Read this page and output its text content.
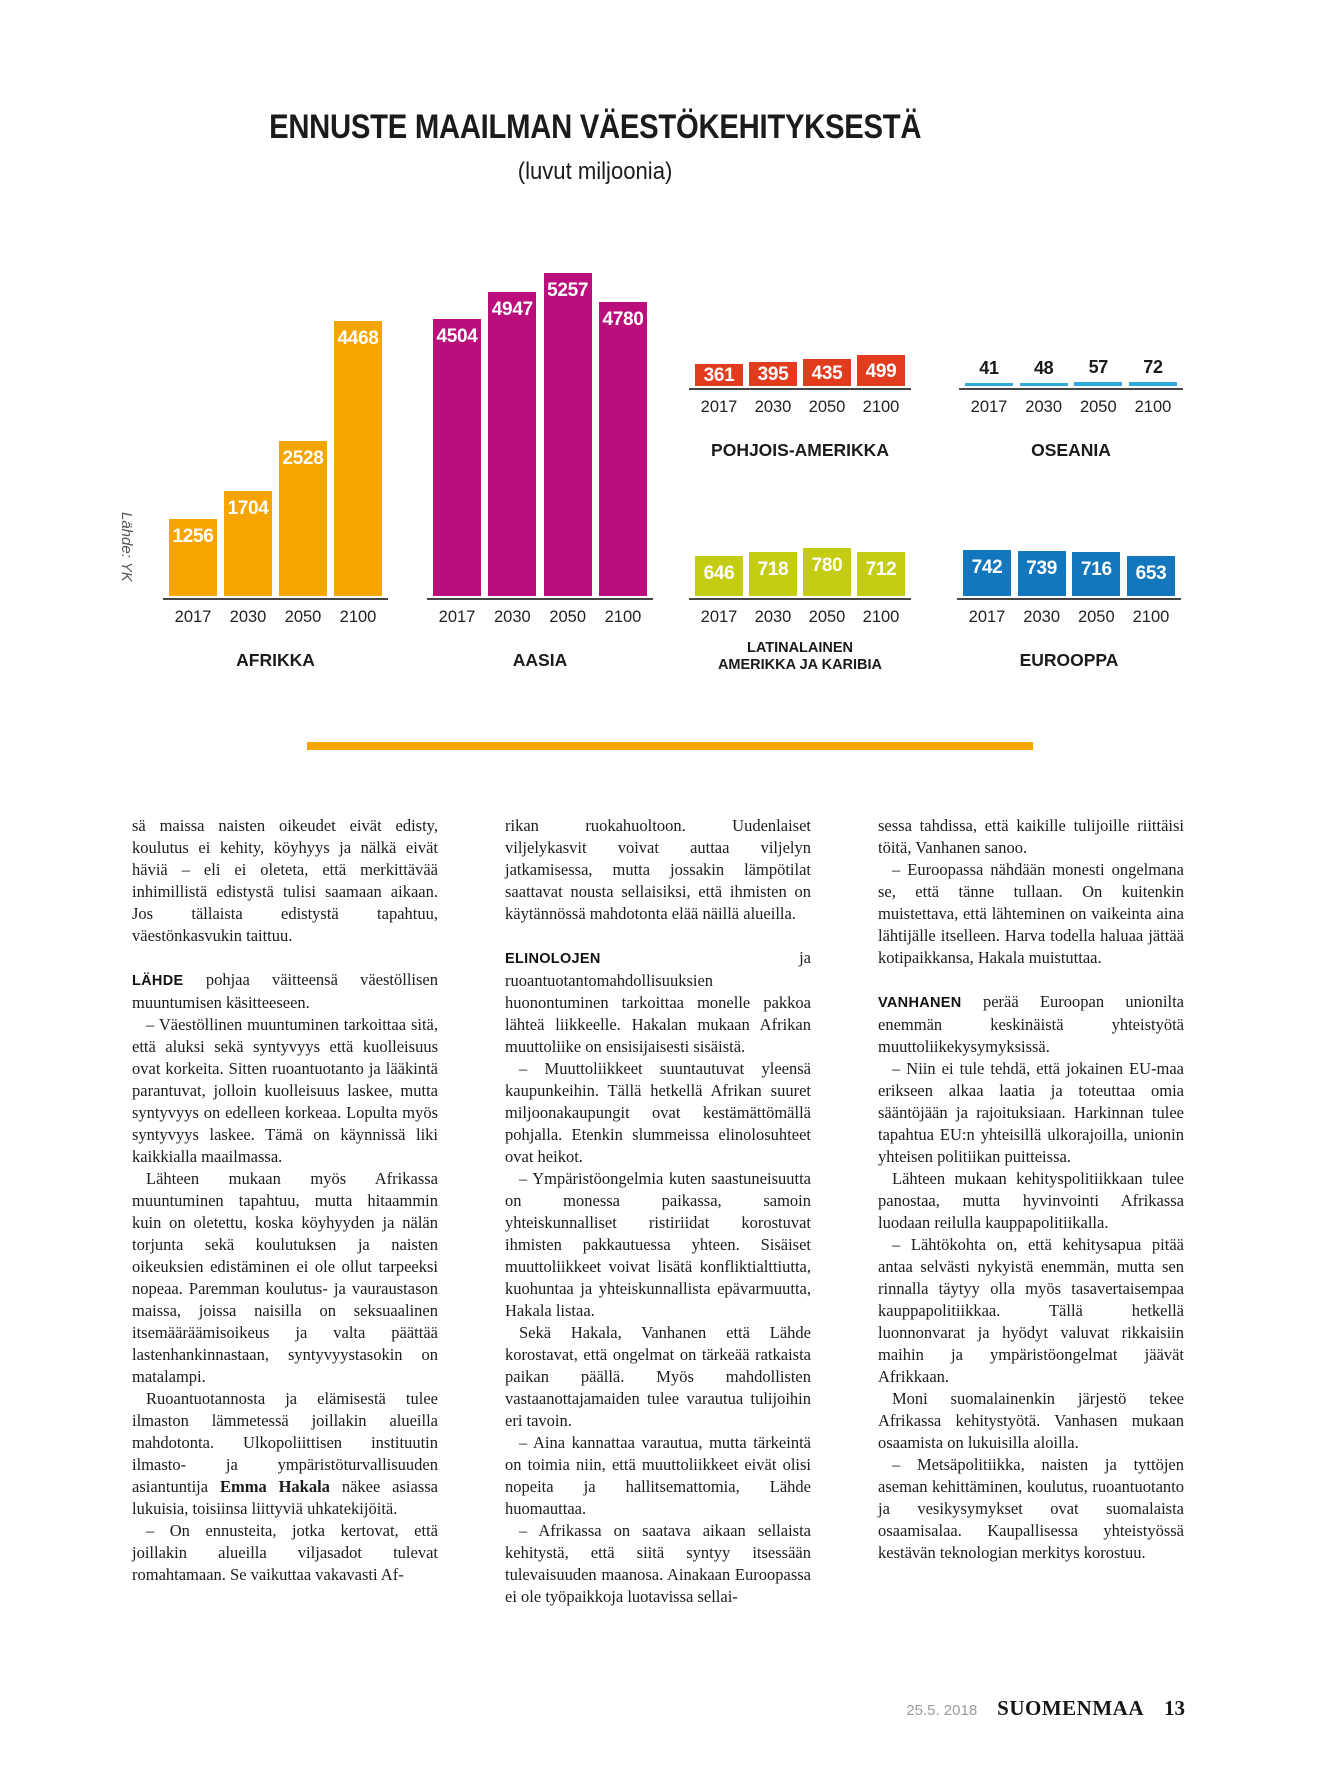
ENNUSTE MAAILMAN VÄESTÖKEHITYKSESTÄ
(luvut miljoonia)
Lähde: YK 1256
1704
2528
4468
2017	2030	2050	2100
AFRIKKA
4504
4947
5257
4780
2017	2030	2050	2100
AASIA
361	395	435	499
2017	2030	2050	2100
POHJOIS-AMERIKKA
41	48	57	72
2017	2030	2050	2100
OSEANIA
646	718	780	712
2017	2030	2050	2100
LATINALAINEN
AMERIKKA JA KARIBIA
742	739	716	653
2017	2030	2050	2100
EUROOPPA

sä maissa naisten oikeudet eivät edisty, koulutus ei kehity, köyhyys ja nälkä eivät häviä – eli ei oleteta, että merkittävää inhimillistä edistystä tulisi saamaan aikaan. Jos tällaista edistystä tapahtuu, väestönkasvukin taittuu.

LÄHDE pohjaa väitteensä väestöllisen muuntumisen käsitteeseen.

– Väestöllinen muuntuminen tarkoittaa sitä, että aluksi sekä syntyvyys että kuolleisuus ovat korkeita. Sitten ruoantuotanto ja lääkintä parantuvat, jolloin kuolleisuus laskee, mutta syntyvyys on edelleen korkeaa. Lopulta myös syntyvyys laskee. Tämä on käynnissä liki kaikkialla maailmassa.

Lähteen mukaan myös Afrikassa muuntuminen tapahtuu, mutta hitaammin kuin on oletettu, koska köyhyyden ja nälän torjunta sekä koulutuksen ja naisten oikeuksien edistäminen ei ole ollut tarpeeksi nopeaa. Paremman koulutus- ja vauraustason maissa, joissa naisilla on seksuaalinen itsemääräämisoikeus ja valta päättää lastenhankinnastaan, syntyvyystasokin on matalampi.

Ruoantuotannosta ja elämisestä tulee ilmaston lämmetessä joillakin alueilla mahdotonta. Ulkopoliittisen instituutin ilmasto- ja ympäristöturvallisuuden asiantuntija Emma Hakala näkee asiassa lukuisia, toisiinsa liittyviä uhkatekijöitä.

– On ennusteita, jotka kertovat, että joillakin alueilla viljasadot tulevat romahtamaan. Se vaikuttaa vakavasti Af-

rikan ruokahuoltoon. Uudenlaiset viljelykasvit voivat auttaa viljelyn jatkamisessa, mutta jossakin lämpötilat saattavat nousta sellaisiksi, että ihmisten on käytännössä mahdotonta elää näillä alueilla.

ELINOLOJEN ja ruoantuotantomahdollisuuksien huonontuminen tarkoittaa monelle pakkoa lähteä liikkeelle. Hakalan mukaan Afrikan muuttoliike on ensisijaisesti sisäistä.

– Muuttoliikkeet suuntautuvat yleensä kaupunkeihin. Tällä hetkellä Afrikan suuret miljoonakaupungit ovat kestämättömällä pohjalla. Etenkin slummeissa elinolosuhteet ovat heikot.

– Ympäristöongelmia kuten saastuneisuutta on monessa paikassa, samoin yhteiskunnalliset ristiriidat korostuvat ihmisten pakkautuessa yhteen. Sisäiset muuttoliikkeet voivat lisätä konfliktialttiutta, kuohuntaa ja yhteiskunnallista epävarmuutta, Hakala listaa.

Sekä Hakala, Vanhanen että Lähde korostavat, että ongelmat on tärkeää ratkaista paikan päällä. Myös mahdollisten vastaanottajamaiden tulee varautua tulijoihin eri tavoin.

– Aina kannattaa varautua, mutta tärkeintä on toimia niin, että muuttoliikkeet eivät olisi nopeita ja hallitsemattomia, Lähde huomauttaa.

– Afrikassa on saatava aikaan sellaista kehitystä, että siitä syntyy itsessään tulevaisuuden maanosa. Ainakaan Euroopassa ei ole työpaikkoja luotavissa sellai-

sessa tahdissa, että kaikille tulijoille riittäisi töitä, Vanhanen sanoo.

– Euroopassa nähdään monesti ongelmana se, että tänne tullaan. On kuitenkin muistettava, että lähteminen on vaikeinta aina lähtijälle itselleen. Harva todella haluaa jättää kotipaikkansa, Hakala muistuttaa.

VANHANEN perää Euroopan unionilta enemmän keskinäistä yhteistyötä muuttoliikekysymyksissä.

– Niin ei tule tehdä, että jokainen EU-maa erikseen alkaa laatia ja toteuttaa omia sääntöjään ja rajoituksiaan. Harkinnan tulee tapahtua EU:n yhteisillä ulkorajoilla, unionin yhteisen politiikan puitteissa.

Lähteen mukaan kehityspolitiikkaan tulee panostaa, mutta hyvinvointi Afrikassa luodaan reilulla kauppapolitiikalla.

– Lähtökohta on, että kehitysapua pitää antaa selvästi nykyistä enemmän, mutta sen rinnalla täytyy olla myös tasavertaisempaa kauppapolitiikkaa. Tällä hetkellä luonnonvarat ja hyödyt valuvat rikkaisiin maihin ja ympäristöongelmat jäävät Afrikkaan.

Moni suomalainenkin järjestö tekee Afrikassa kehitystyötä. Vanhasen mukaan osaamista on lukuisilla aloilla.

– Metsäpolitiikka, naisten ja tyttöjen aseman kehittäminen, koulutus, ruoantuotanto ja vesikysymykset ovat suomalaista osaamisalaa. Kaupallisessa yhteistyössä kestävän teknologian merkitys korostuu.

25.5. 2018 SUOMENMAA 13
